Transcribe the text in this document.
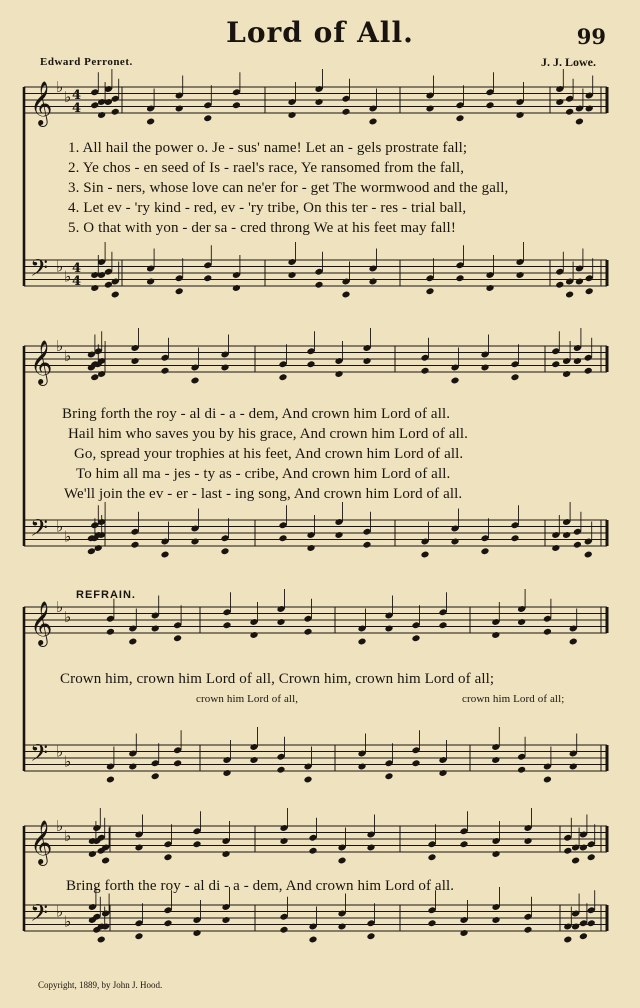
Lord of All.	99
Edward Perronet.	J. J. Lowe.
𝄞
𝄢
♭
♭
♭
♭
4
4
4
4
𝄞
𝄢
♭
♭
♭
♭
𝄞
𝄢
♭
♭
♭
♭
𝄞
𝄢
♭
♭
♭
♭
1. All hail the power o. Je - sus' name! Let an - gels prostrate fall;
2. Ye chos - en seed of Is - rael's race, Ye ransomed from the fall,
3. Sin - ners, whose love can ne'er for - get The wormwood and the gall,
4. Let ev - 'ry kind - red, ev - 'ry tribe, On this ter - res - trial ball,
5. O that with yon - der sa - cred throng We at his feet may fall!
Bring forth the roy - al di - a - dem, And crown him Lord of all.
Hail him who saves you by his grace, And crown him Lord of all.
Go, spread your trophies at his feet, And crown him Lord of all.
To him all ma - jes - ty as - cribe, And crown him Lord of all.
We'll join the ev - er - last - ing song, And crown him Lord of all.
REFRAIN.
Crown him, crown him Lord of all, Crown him, crown him Lord of all;
crown him Lord of all,	crown him Lord of all;
Bring forth the roy - al di - a - dem, And crown him Lord of all.
Copyright, 1889, by John J. Hood.
